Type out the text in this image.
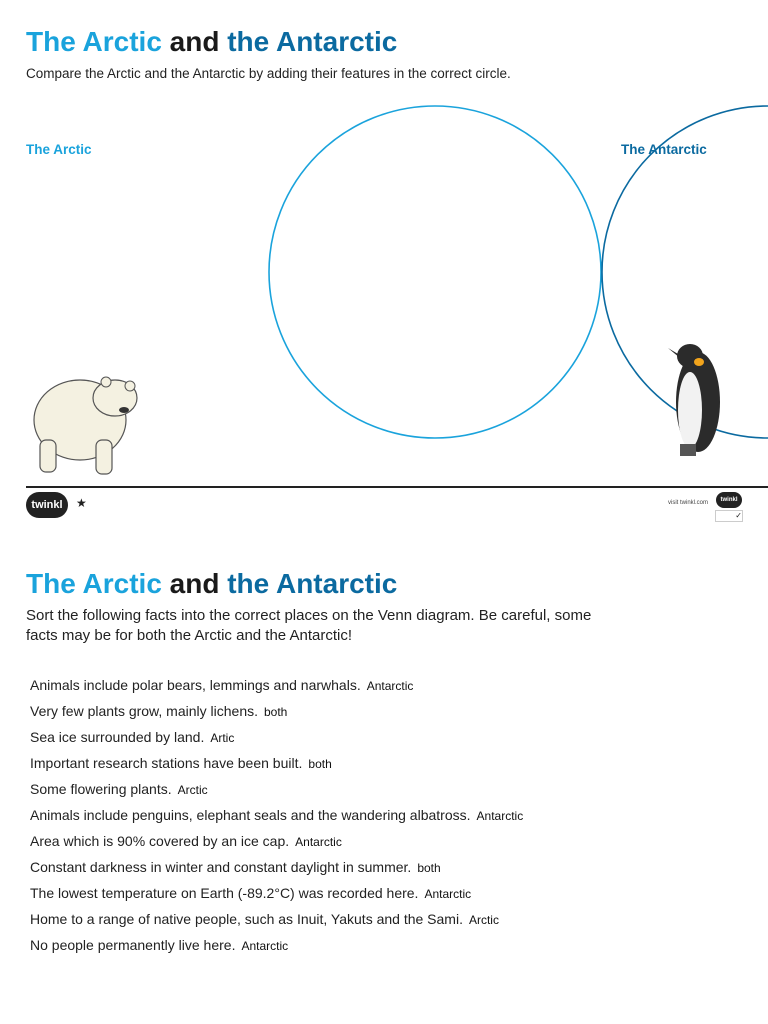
The Arctic and the Antarctic

Compare the Arctic and the Antarctic by adding their features in the correct circle.

The Arctic	The Antarctic
twinkl	★	visit twinkl.com	twinkl
✓
The Arctic and the Antarctic

Sort the following facts into the correct places on the Venn diagram. Be careful, some facts may be for both the Arctic and the Antarctic!

Animals include polar bears, lemmings and narwhals. Antarctic
Very few plants grow, mainly lichens. both
Sea ice surrounded by land. Artic
Important research stations have been built. both
Some flowering plants. Arctic
Animals include penguins, elephant seals and the wandering albatross. Antarctic
Area which is 90% covered by an ice cap. Antarctic
Constant darkness in winter and constant daylight in summer. both
The lowest temperature on Earth (-89.2°C) was recorded here. Antarctic
Home to a range of native people, such as Inuit, Yakuts and the Sami. Arctic
No people permanently live here. Antarctic
